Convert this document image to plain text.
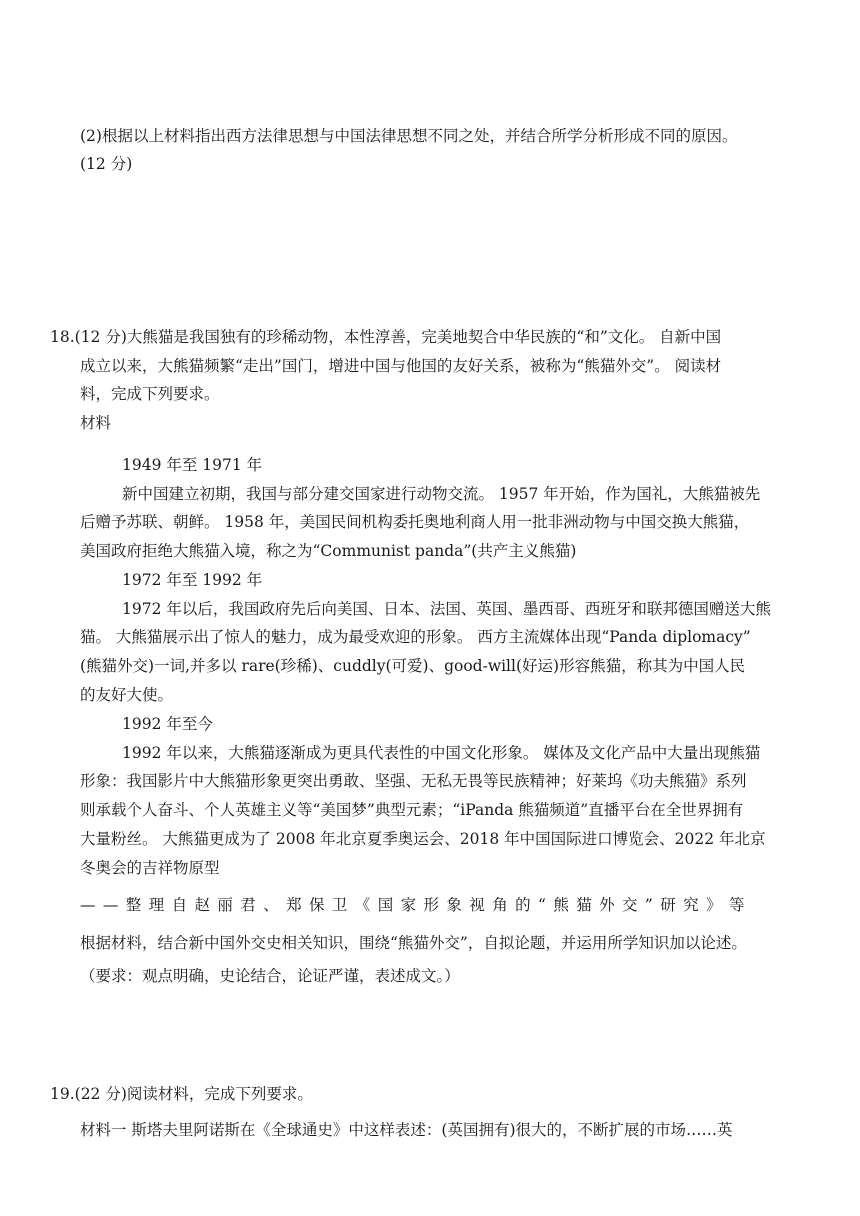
(2)根据以上材料指出西方法律思想与中国法律思想不同之处，并结合所学分析形成不同的原因。
(12 分)
18.(12 分)大熊猫是我国独有的珍稀动物，本性淳善，完美地契合中华民族的“和”文化。 自新中国
成立以来，大熊猫频繁“走出”国门，增进中国与他国的友好关系，被称为“熊猫外交”。 阅读材
料，完成下列要求。
材料
1949 年至 1971 年
新中国建立初期，我国与部分建交国家进行动物交流。 1957 年开始，作为国礼，大熊猫被先
后赠予苏联、朝鲜。 1958 年，美国民间机构委托奥地利商人用一批非洲动物与中国交换大熊猫，
美国政府拒绝大熊猫入境，称之为“Communist panda”(共产主义熊猫)
1972 年至 1992 年
1972 年以后，我国政府先后向美国、日本、法国、英国、墨西哥、西班牙和联邦德国赠送大熊
猫。 大熊猫展示出了惊人的魅力，成为最受欢迎的形象。 西方主流媒体出现“Panda diplomacy”
(熊猫外交)一词,并多以 rare(珍稀)、cuddly(可爱)、good-will(好运)形容熊猫，称其为中国人民
的友好大使。
1992 年至今
1992 年以来，大熊猫逐渐成为更具代表性的中国文化形象。 媒体及文化产品中大量出现熊猫
形象：我国影片中大熊猫形象更突出勇敢、坚强、无私无畏等民族精神；好莱坞《功夫熊猫》系列
则承载个人奋斗、个人英雄主义等“美国梦”典型元素；“iPanda 熊猫频道”直播平台在全世界拥有
大量粉丝。 大熊猫更成为了 2008 年北京夏季奥运会、2018 年中国国际进口博览会、2022 年北京
冬奥会的吉祥物原型
——整理自赵丽君、郑保卫《国家形象视角的“熊猫外交”研究》等
根据材料，结合新中国外交史相关知识，围绕“熊猫外交”，自拟论题，并运用所学知识加以论述。
（要求：观点明确，史论结合，论证严谨，表述成文。）
19.(22 分)阅读材料，完成下列要求。
材料一 斯塔夫里阿诺斯在《全球通史》中这样表述：(英国拥有)很大的，不断扩展的市场……英
